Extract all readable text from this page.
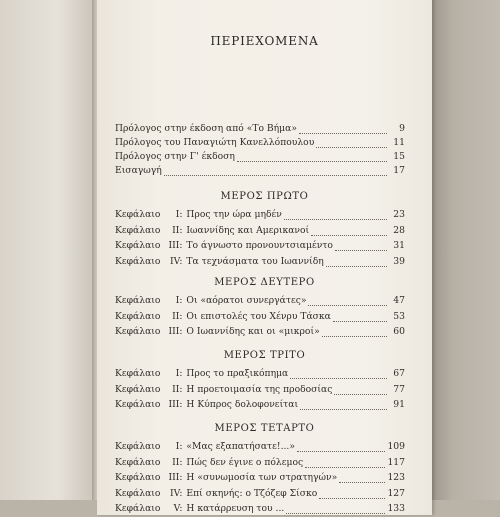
ΠΕΡΙΕΧΟΜΕΝΑ
Πρόλογος στην έκδοση από «Το Βήμα»	9
Πρόλογος του Παναγιώτη Κανελλόπουλου	11
Πρόλογος στην Γ' έκδοση	15
Εισαγωγή	17
ΜΕΡΟΣ ΠΡΩΤΟ
Κεφάλαιο	I: Προς την ώρα μηδέν	23
Κεφάλαιο	II: Ιωαννίδης και Αμερικανοί	28
Κεφάλαιο III: Το άγνωστο προνουντσιαμέντο	31
Κεφάλαιο	IV: Τα τεχνάσματα του Ιωαννίδη	39
ΜΕΡΟΣ ΔΕΥΤΕΡΟ
Κεφάλαιο	I: Οι «αόρατοι συνεργάτες»	47
Κεφάλαιο	II: Οι επιστολές του Χένρυ Τάσκα	53
Κεφάλαιο III: Ο Ιωαννίδης και οι «μικροί»	60
ΜΕΡΟΣ ΤΡΙΤΟ
Κεφάλαιο	I: Προς το πραξικόπημα	67
Κεφάλαιο	II: Η προετοιμασία της προδοσίας	77
Κεφάλαιο III: Η Κύπρος δολοφονείται	91
ΜΕΡΟΣ ΤΕΤΑΡΤΟ
Κεφάλαιο	I: «Μας εξαπατήσατε!...»	109
Κεφάλαιο	II: Πώς δεν έγινε ο πόλεμος	117
Κεφάλαιο III: Η «συνωμοσία των στρατηγών»	123
Κεφάλαιο	IV: Επί σκηνής: ο Τζόζεφ Σίσκο	127
Κεφάλαιο	V: Η κατάρρευση του ...	133
